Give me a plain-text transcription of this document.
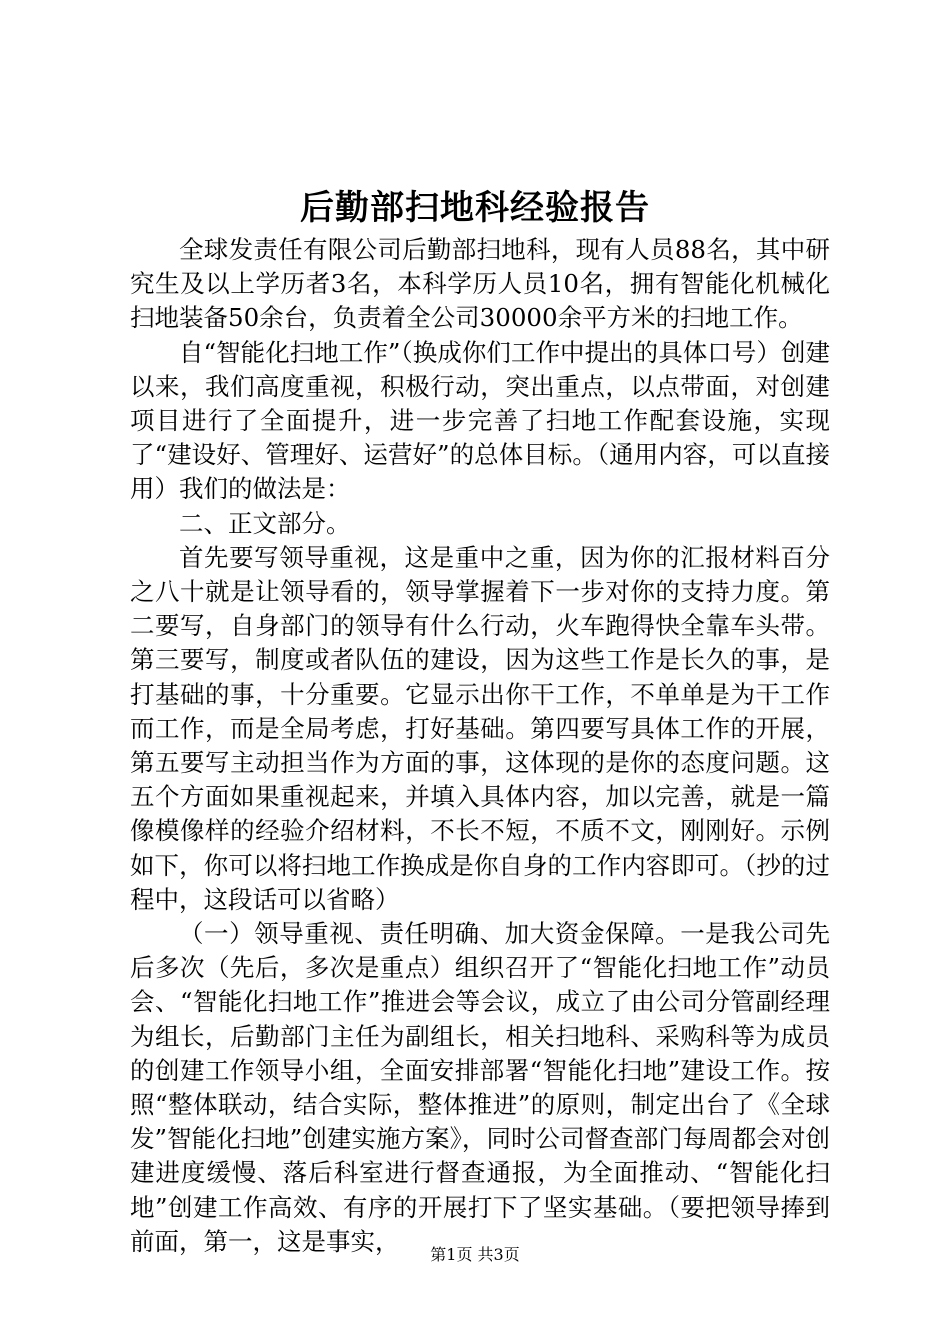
后勤部扫地科经验报告

全球发责任有限公司后勤部扫地科，现有人员88名，其中研究生及以上学历者3名，本科学历人员10名，拥有智能化机械化扫地装备50余台，负责着全公司30000余平方米的扫地工作。

自“智能化扫地工作”（换成你们工作中提出的具体口号）创建以来，我们高度重视，积极行动，突出重点，以点带面，对创建项目进行了全面提升，进一步完善了扫地工作配套设施，实现了“建设好、管理好、运营好”的总体目标。（通用内容，可以直接用）我们的做法是：

二、正文部分。

首先要写领导重视，这是重中之重，因为你的汇报材料百分之八十就是让领导看的，领导掌握着下一步对你的支持力度。第二要写，自身部门的领导有什么行动，火车跑得快全靠车头带。第三要写，制度或者队伍的建设，因为这些工作是长久的事，是打基础的事，十分重要。它显示出你干工作，不单单是为干工作而工作，而是全局考虑，打好基础。第四要写具体工作的开展，第五要写主动担当作为方面的事，这体现的是你的态度问题。这五个方面如果重视起来，并填入具体内容，加以完善，就是一篇像模像样的经验介绍材料，不长不短，不质不文，刚刚好。示例如下，你可以将扫地工作换成是你自身的工作内容即可。（抄的过程中，这段话可以省略）

（一）领导重视、责任明确、加大资金保障。一是我公司先后多次（先后，多次是重点）组织召开了“智能化扫地工作”动员会、“智能化扫地工作”推进会等会议，成立了由公司分管副经理为组长，后勤部门主任为副组长，相关扫地科、采购科等为成员的创建工作领导小组，全面安排部署“智能化扫地”建设工作。按照“整体联动，结合实际，整体推进”的原则，制定出台了《全球发”智能化扫地”创建实施方案》，同时公司督查部门每周都会对创建进度缓慢、落后科室进行督查通报，为全面推动、“智能化扫地”创建工作高效、有序的开展打下了坚实基础。（要把领导捧到前面，第一，这是事实，	第1页 共3页
